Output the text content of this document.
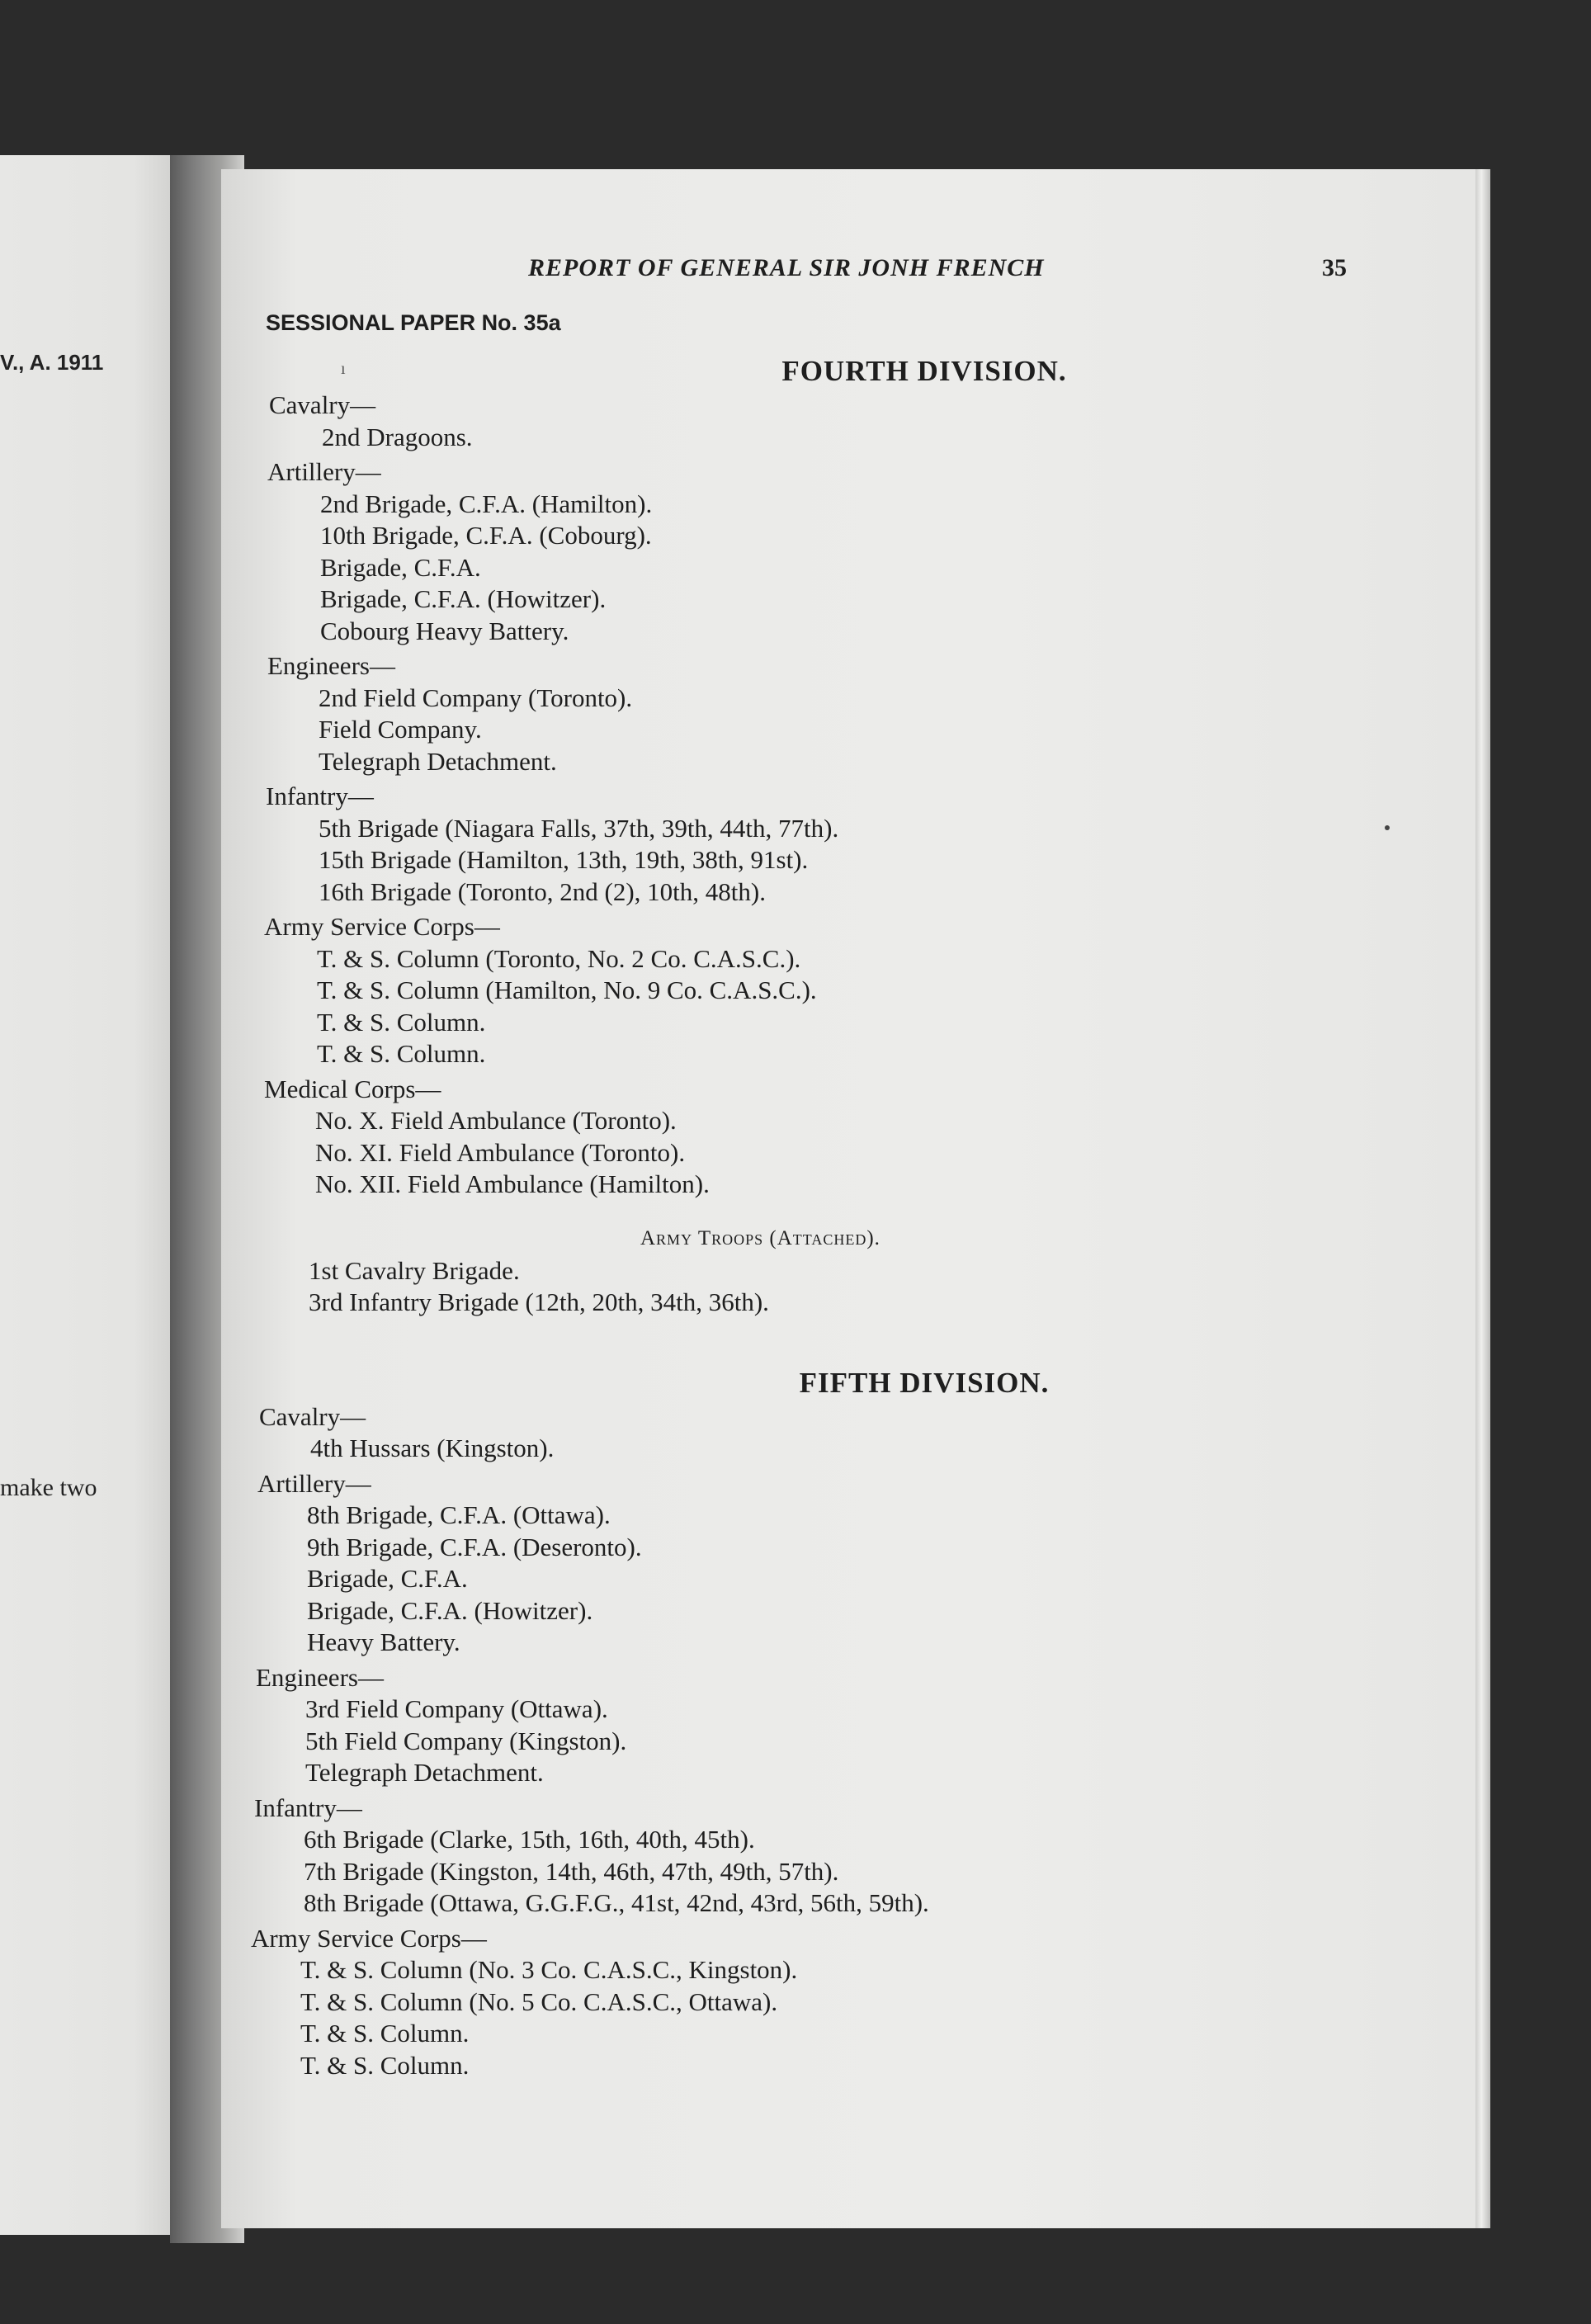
V., A. 1911
make two
REPORT OF GENERAL SIR JONH FRENCH	35
SESSIONAL PAPER No. 35a
ı	FOURTH DIVISION.
Cavalry—
2nd Dragoons.
Artillery—
2nd Brigade, C.F.A. (Hamilton).
10th Brigade, C.F.A. (Cobourg).
Brigade, C.F.A.
Brigade, C.F.A. (Howitzer).
Cobourg Heavy Battery.
Engineers—
2nd Field Company (Toronto).
Field Company.
Telegraph Detachment.
Infantry—
5th Brigade (Niagara Falls, 37th, 39th, 44th, 77th).
15th Brigade (Hamilton, 13th, 19th, 38th, 91st).
16th Brigade (Toronto, 2nd (2), 10th, 48th).
Army Service Corps—
T. & S. Column (Toronto, No. 2 Co. C.A.S.C.).
T. & S. Column (Hamilton, No. 9 Co. C.A.S.C.).
T. & S. Column.
T. & S. Column.
Medical Corps—
No. X. Field Ambulance (Toronto).
No. XI. Field Ambulance (Toronto).
No. XII. Field Ambulance (Hamilton).
Army Troops (Attached).
1st Cavalry Brigade.
3rd Infantry Brigade (12th, 20th, 34th, 36th).
FIFTH DIVISION.
Cavalry—
4th Hussars (Kingston).
Artillery—
8th Brigade, C.F.A. (Ottawa).
9th Brigade, C.F.A. (Deseronto).
Brigade, C.F.A.
Brigade, C.F.A. (Howitzer).
Heavy Battery.
Engineers—
3rd Field Company (Ottawa).
5th Field Company (Kingston).
Telegraph Detachment.
Infantry—
6th Brigade (Clarke, 15th, 16th, 40th, 45th).
7th Brigade (Kingston, 14th, 46th, 47th, 49th, 57th).
8th Brigade (Ottawa, G.G.F.G., 41st, 42nd, 43rd, 56th, 59th).
Army Service Corps—
T. & S. Column (No. 3 Co. C.A.S.C., Kingston).
T. & S. Column (No. 5 Co. C.A.S.C., Ottawa).
T. & S. Column.
T. & S. Column.
